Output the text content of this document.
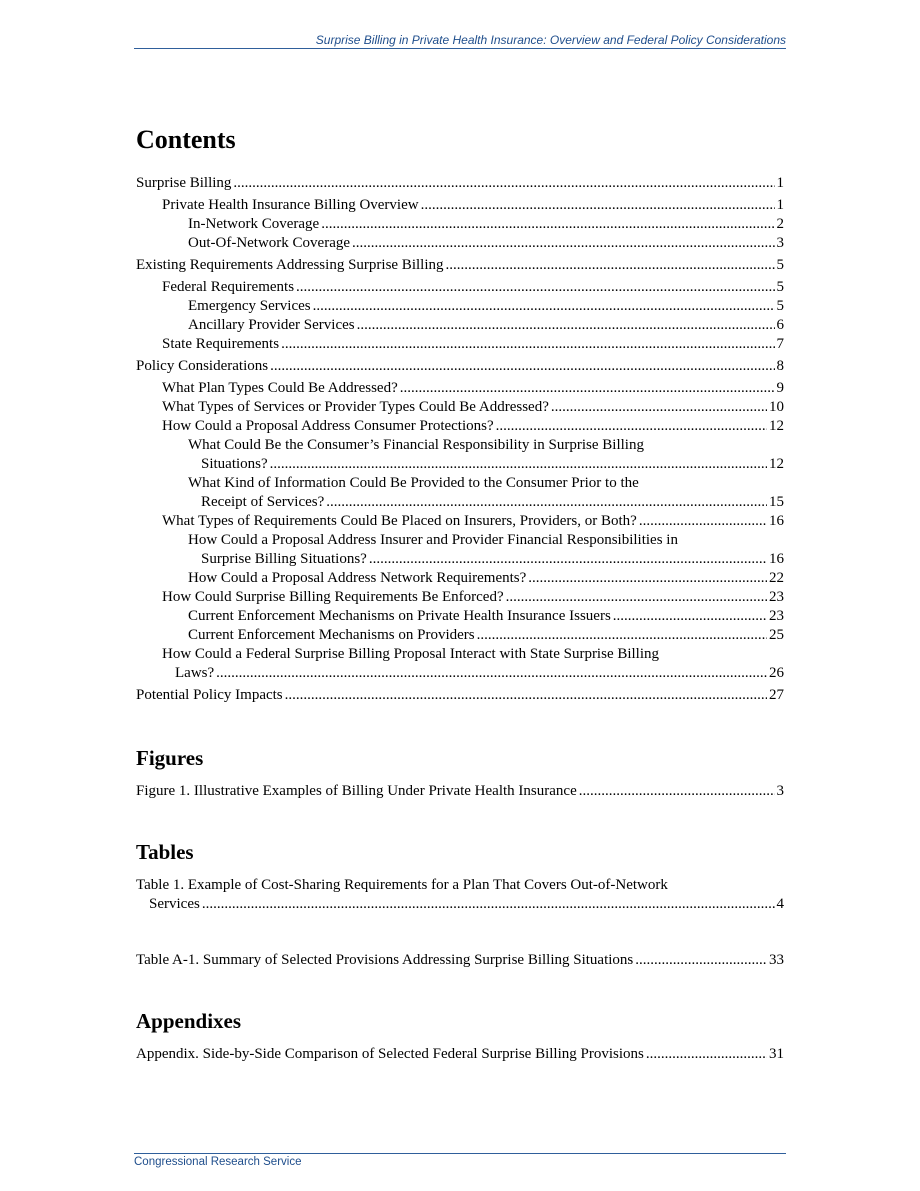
Surprise Billing in Private Health Insurance: Overview and Federal Policy Considerations
Contents
Surprise Billing .....	1
Private Health Insurance Billing Overview .....	1
In-Network Coverage .....	2
Out-Of-Network Coverage .....	3
Existing Requirements Addressing Surprise Billing .....	5
Federal Requirements .....	5
Emergency Services .....	5
Ancillary Provider Services .....	6
State Requirements .....	7
Policy Considerations .....	8
What Plan Types Could Be Addressed? .....	9
What Types of Services or Provider Types Could Be Addressed? .....	10
How Could a Proposal Address Consumer Protections? .....	12
What Could Be the Consumer’s Financial Responsibility in Surprise Billing
Situations? .....	12
What Kind of Information Could Be Provided to the Consumer Prior to the
Receipt of Services? .....	15
What Types of Requirements Could Be Placed on Insurers, Providers, or Both? .....	16
How Could a Proposal Address Insurer and Provider Financial Responsibilities in
Surprise Billing Situations? .....	16
How Could a Proposal Address Network Requirements? .....	22
How Could Surprise Billing Requirements Be Enforced? .....	23
Current Enforcement Mechanisms on Private Health Insurance Issuers .....	23
Current Enforcement Mechanisms on Providers .....	25
How Could a Federal Surprise Billing Proposal Interact with State Surprise Billing
Laws? .....	26
Potential Policy Impacts .....	27
Figures
Figure 1. Illustrative Examples of Billing Under Private Health Insurance .....	3
Tables
Table 1. Example of Cost-Sharing Requirements for a Plan That Covers Out-of-Network
Services .....	4
Table A-1. Summary of Selected Provisions Addressing Surprise Billing Situations .....	33
Appendixes
Appendix. Side-by-Side Comparison of Selected Federal Surprise Billing Provisions .....	31
Congressional Research Service
